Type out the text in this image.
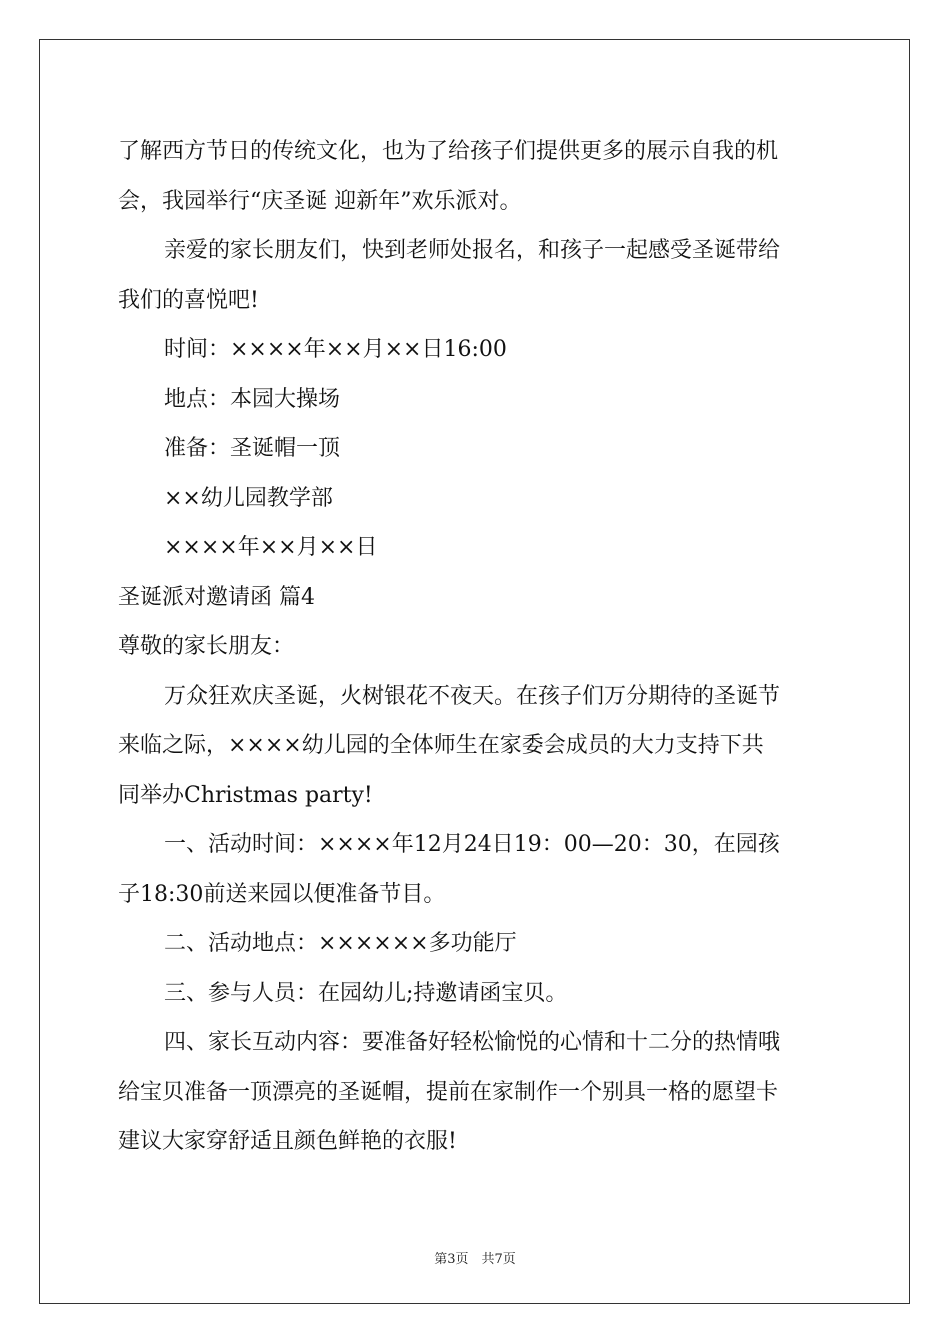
了解西方节日的传统文化，也为了给孩子们提供更多的展示自我的机
会，我园举行“庆圣诞 迎新年”欢乐派对。
亲爱的家长朋友们，快到老师处报名，和孩子一起感受圣诞带给
我们的喜悦吧!
时间：××××年××月××日16:00
地点：本园大操场
准备：圣诞帽一顶
××幼儿园教学部
××××年××月××日
圣诞派对邀请函 篇4
尊敬的家长朋友：
万众狂欢庆圣诞，火树银花不夜天。在孩子们万分期待的圣诞节
来临之际，××××幼儿园的全体师生在家委会成员的大力支持下共
同举办Christmas party!
一、活动时间：××××年12月24日19：00—20：30，在园孩
子18:30前送来园以便准备节目。
二、活动地点：××××××多功能厅
三、参与人员：在园幼儿;持邀请函宝贝。
四、家长互动内容：要准备好轻松愉悦的心情和十二分的热情哦
给宝贝准备一顶漂亮的圣诞帽，提前在家制作一个别具一格的愿望卡
建议大家穿舒适且颜色鲜艳的衣服!
第3页　共7页
